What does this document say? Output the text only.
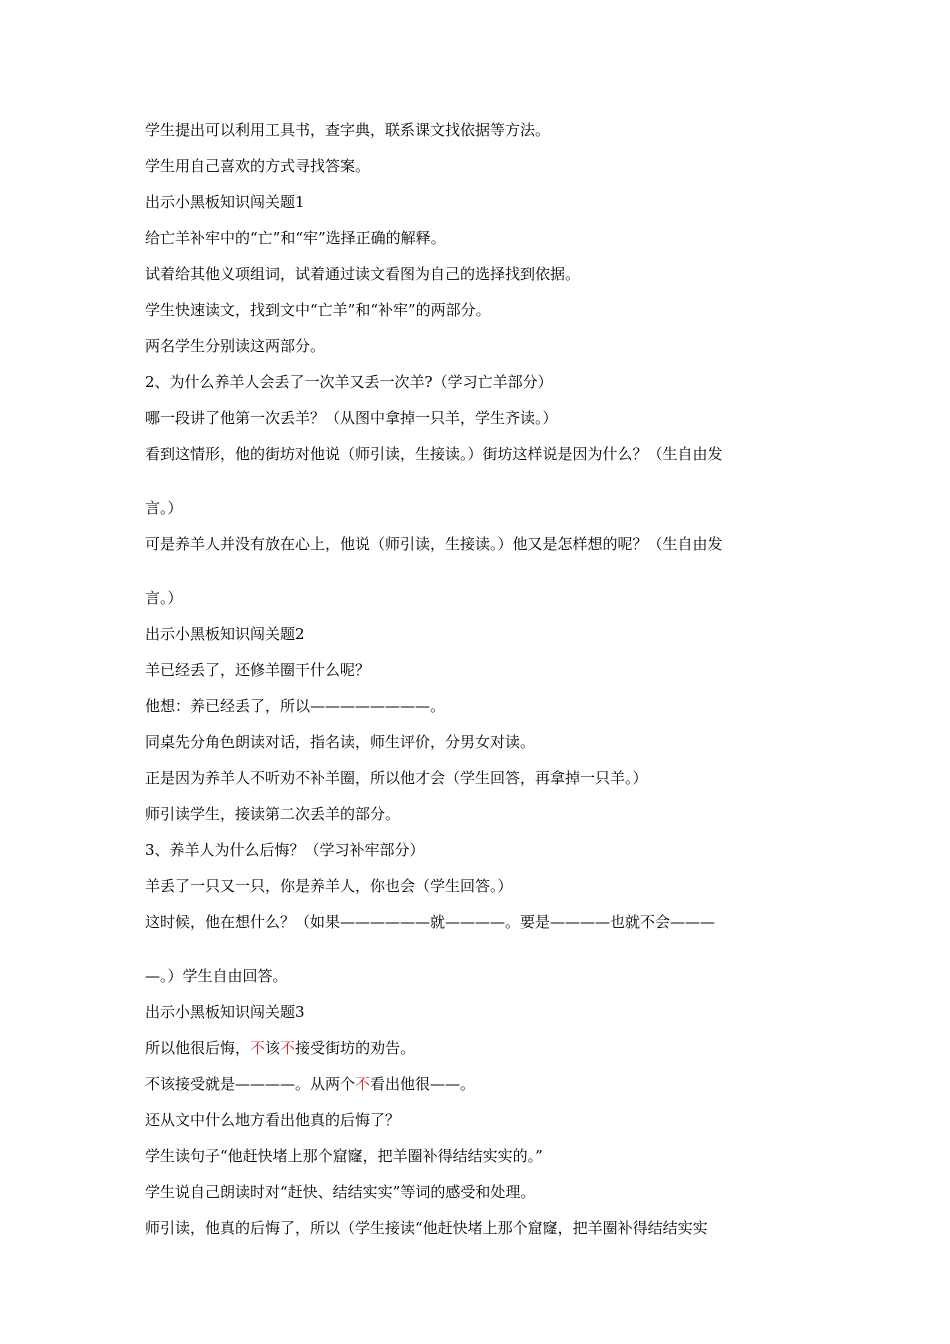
学生提出可以利用工具书，查字典，联系课文找依据等方法。
学生用自己喜欢的方式寻找答案。
出示小黑板知识闯关题1
给亡羊补牢中的“亡”和“牢”选择正确的解释。
试着给其他义项组词，试着通过读文看图为自己的选择找到依据。
学生快速读文，找到文中“亡羊”和“补牢”的两部分。
两名学生分别读这两部分。
2、为什么养羊人会丢了一次羊又丢一次羊?（学习亡羊部分）
哪一段讲了他第一次丢羊？（从图中拿掉一只羊，学生齐读。）
看到这情形，他的街坊对他说（师引读，生接读。）街坊这样说是因为什么？（生自由发
言。）
可是养羊人并没有放在心上，他说（师引读，生接读。）他又是怎样想的呢？（生自由发
言。）
出示小黑板知识闯关题2
羊已经丢了，还修羊圈干什么呢？
他想：养已经丢了，所以————————。
同桌先分角色朗读对话，指名读，师生评价，分男女对读。
正是因为养羊人不听劝不补羊圈，所以他才会（学生回答，再拿掉一只羊。）
师引读学生，接读第二次丢羊的部分。
3、养羊人为什么后悔？（学习补牢部分）
羊丢了一只又一只，你是养羊人，你也会（学生回答。）
这时候，他在想什么？（如果——————就————。要是————也就不会———
—。）学生自由回答。
出示小黑板知识闯关题3
所以他很后悔，不该不接受街坊的劝告。
不该接受就是————。从两个不看出他很——。
还从文中什么地方看出他真的后悔了？
学生读句子“他赶快堵上那个窟窿，把羊圈补得结结实实的。”
学生说自己朗读时对“赶快、结结实实”等词的感受和处理。
师引读，他真的后悔了，所以（学生接读“他赶快堵上那个窟窿，把羊圈补得结结实实
